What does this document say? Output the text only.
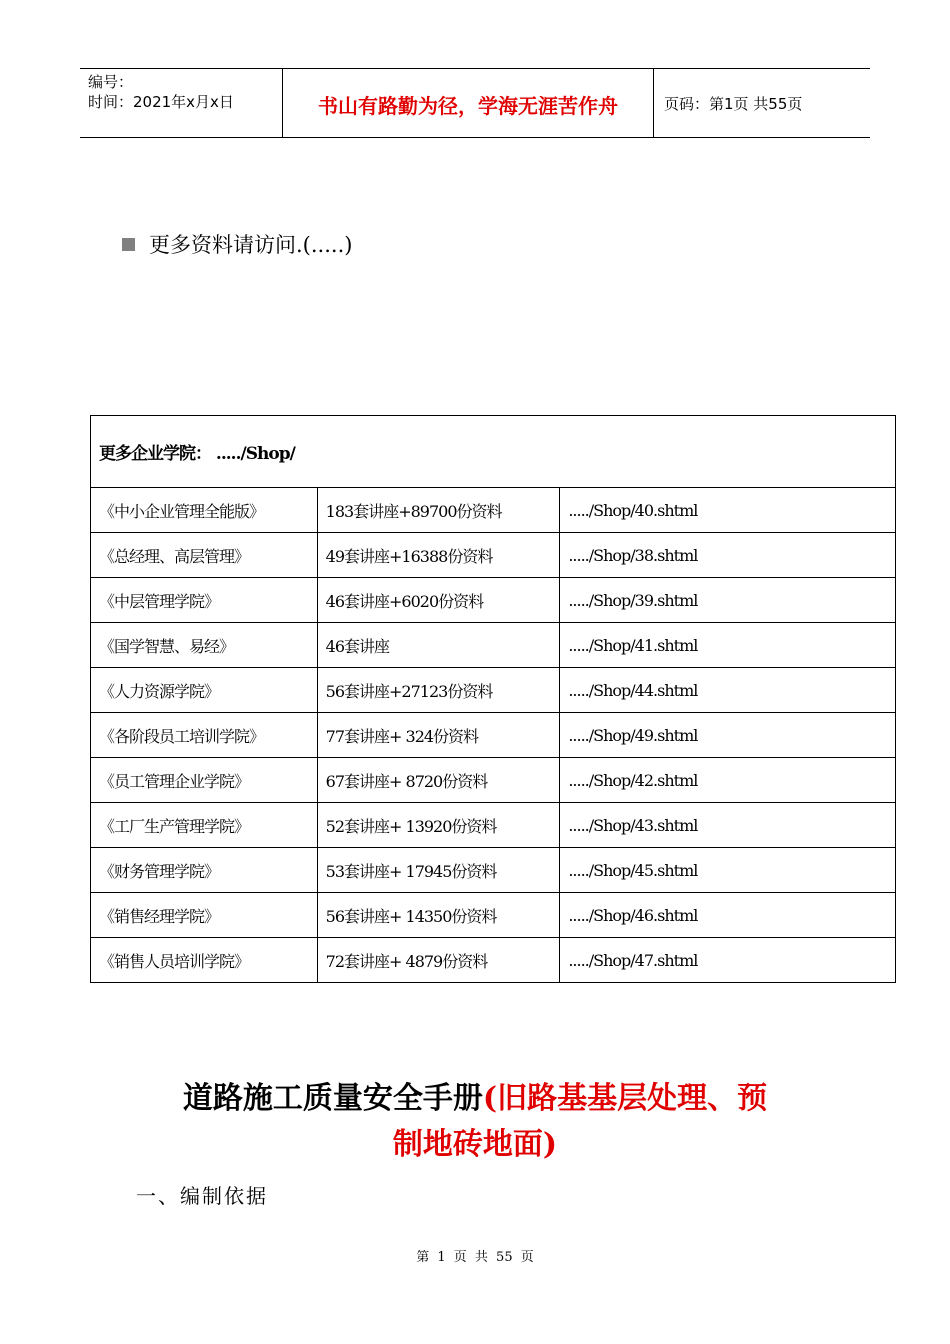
编号：
时间：2021年x月x日	书山有路勤为径，学海无涯苦作舟	页码：第1页 共55页
更多资料请访问.(.....)
更多企业学院： ...../Shop/		
《中小企业管理全能版》	183套讲座+89700份资料	...../Shop/40.shtml
《总经理、高层管理》	49套讲座+16388份资料	...../Shop/38.shtml
《中层管理学院》	46套讲座+6020份资料	...../Shop/39.shtml
《国学智慧、易经》	46套讲座	...../Shop/41.shtml
《人力资源学院》	56套讲座+27123份资料	...../Shop/44.shtml
《各阶段员工培训学院》	77套讲座+ 324份资料	...../Shop/49.shtml
《员工管理企业学院》	67套讲座+ 8720份资料	...../Shop/42.shtml
《工厂生产管理学院》	52套讲座+ 13920份资料	...../Shop/43.shtml
《财务管理学院》	53套讲座+ 17945份资料	...../Shop/45.shtml
《销售经理学院》	56套讲座+ 14350份资料	...../Shop/46.shtml
《销售人员培训学院》	72套讲座+ 4879份资料	...../Shop/47.shtml
道路施工质量安全手册(旧路基基层处理、预
制地砖地面)
一、编制依据
第 1 页 共 55 页
